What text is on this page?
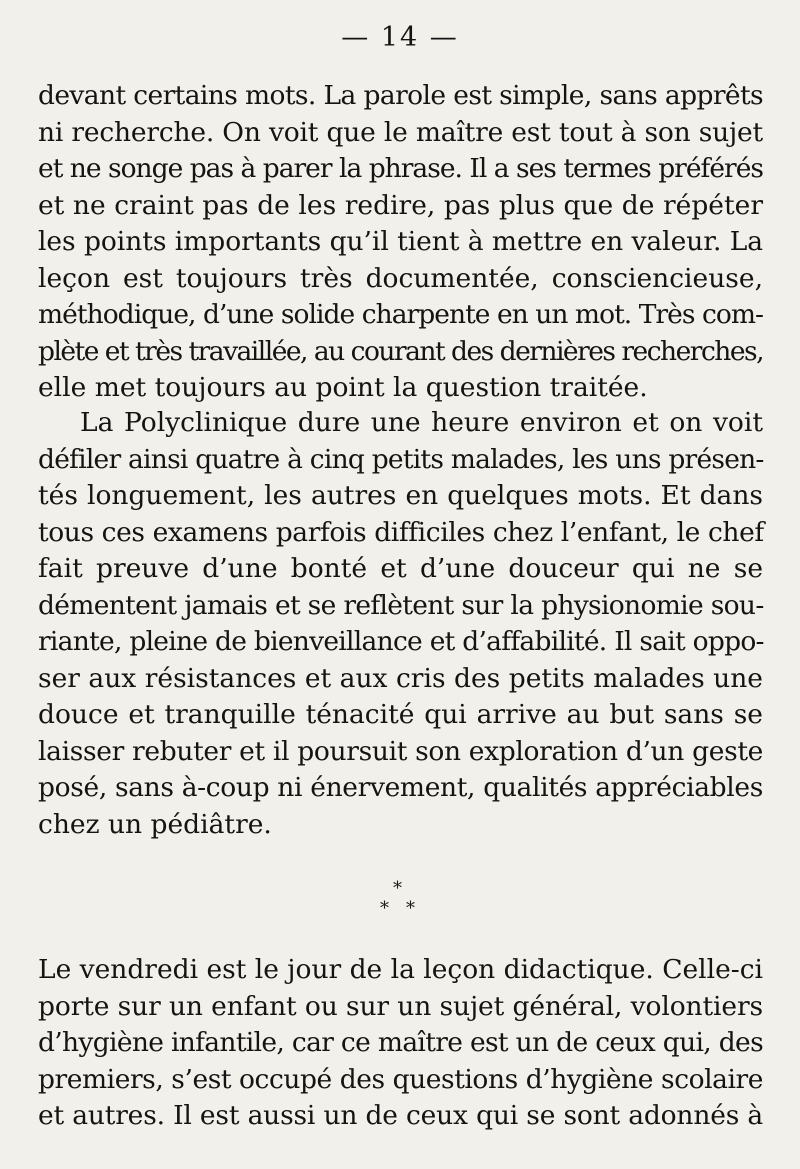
— 14 —
devant certains mots. La parole est simple, sans apprêts
ni recherche. On voit que le maître est tout à son sujet
et ne songe pas à parer la phrase. Il a ses termes préférés
et ne craint pas de les redire, pas plus que de répéter
les points importants qu’il tient à mettre en valeur. La
leçon est toujours très documentée, consciencieuse,
méthodique, d’une solide charpente en un mot. Très com-
plète et très travaillée, au courant des dernières recherches,
elle met toujours au point la question traitée.
La Polyclinique dure une heure environ et on voit
défiler ainsi quatre à cinq petits malades, les uns présen-
tés longuement, les autres en quelques mots. Et dans
tous ces examens parfois difficiles chez l’enfant, le chef
fait preuve d’une bonté et d’une douceur qui ne se
démentent jamais et se reflètent sur la physionomie sou-
riante, pleine de bienveillance et d’affabilité. Il sait oppo-
ser aux résistances et aux cris des petits malades une
douce et tranquille ténacité qui arrive au but sans se
laisser rebuter et il poursuit son exploration d’un geste
posé, sans à-coup ni énervement, qualités appréciables
chez un pédiâtre.
*
* *
Le vendredi est le jour de la leçon didactique. Celle-ci
porte sur un enfant ou sur un sujet général, volontiers
d’hygiène infantile, car ce maître est un de ceux qui, des
premiers, s’est occupé des questions d’hygiène scolaire
et autres. Il est aussi un de ceux qui se sont adonnés à
